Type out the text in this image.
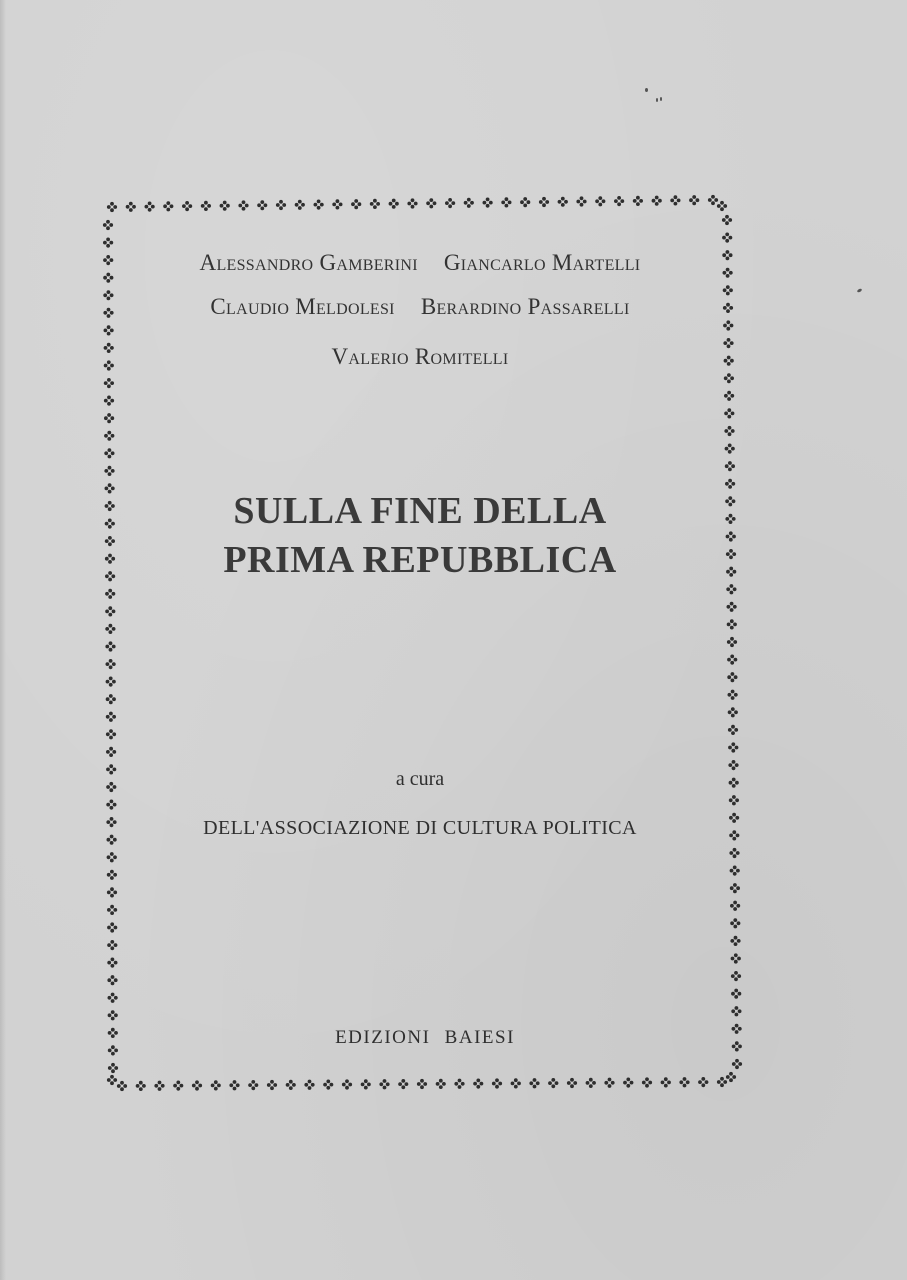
Alessandro Gamberini Giancarlo Martelli
Claudio Meldolesi Berardino Passarelli
Valerio Romitelli
SULLA FINE DELLA
PRIMA REPUBBLICA
a cura
DELL'ASSOCIAZIONE DI CULTURA POLITICA
EDIZIONI BAIESI
